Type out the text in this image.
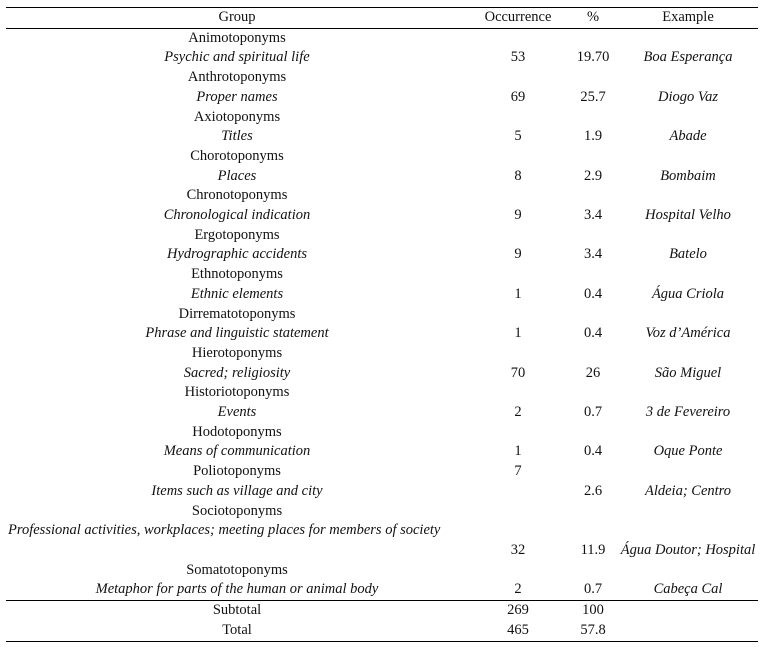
Group	Occurrence	%	Example
Animotoponyms			
Psychic and spiritual life	53	19.70	Boa Esperança
Anthrotoponyms			
Proper names	69	25.7	Diogo Vaz
Axiotoponyms			
Titles	5	1.9	Abade
Chorotoponyms			
Places	8	2.9	Bombaim
Chronotoponyms			
Chronological indication	9	3.4	Hospital Velho
Ergotoponyms			
Hydrographic accidents	9	3.4	Batelo
Ethnotoponyms			
Ethnic elements	1	0.4	Água Criola
Dirrematotoponyms			
Phrase and linguistic statement	1	0.4	Voz d’América
Hierotoponyms			
Sacred; religiosity	70	26	São Miguel
Historiotoponyms			
Events	2	0.7	3 de Fevereiro
Hodotoponyms			
Means of communication	1	0.4	Oque Ponte
Poliotoponyms	7		
Items such as village and city		2.6	Aldeia; Centro
Sociotoponyms			
Professional activities, workplaces; meeting places for members of society			
	32	11.9	Água Doutor; Hospital
Somatotoponyms			
Metaphor for parts of the human or animal body	2	0.7	Cabeça Cal
Subtotal	269	100	
Total	465	57.8	
